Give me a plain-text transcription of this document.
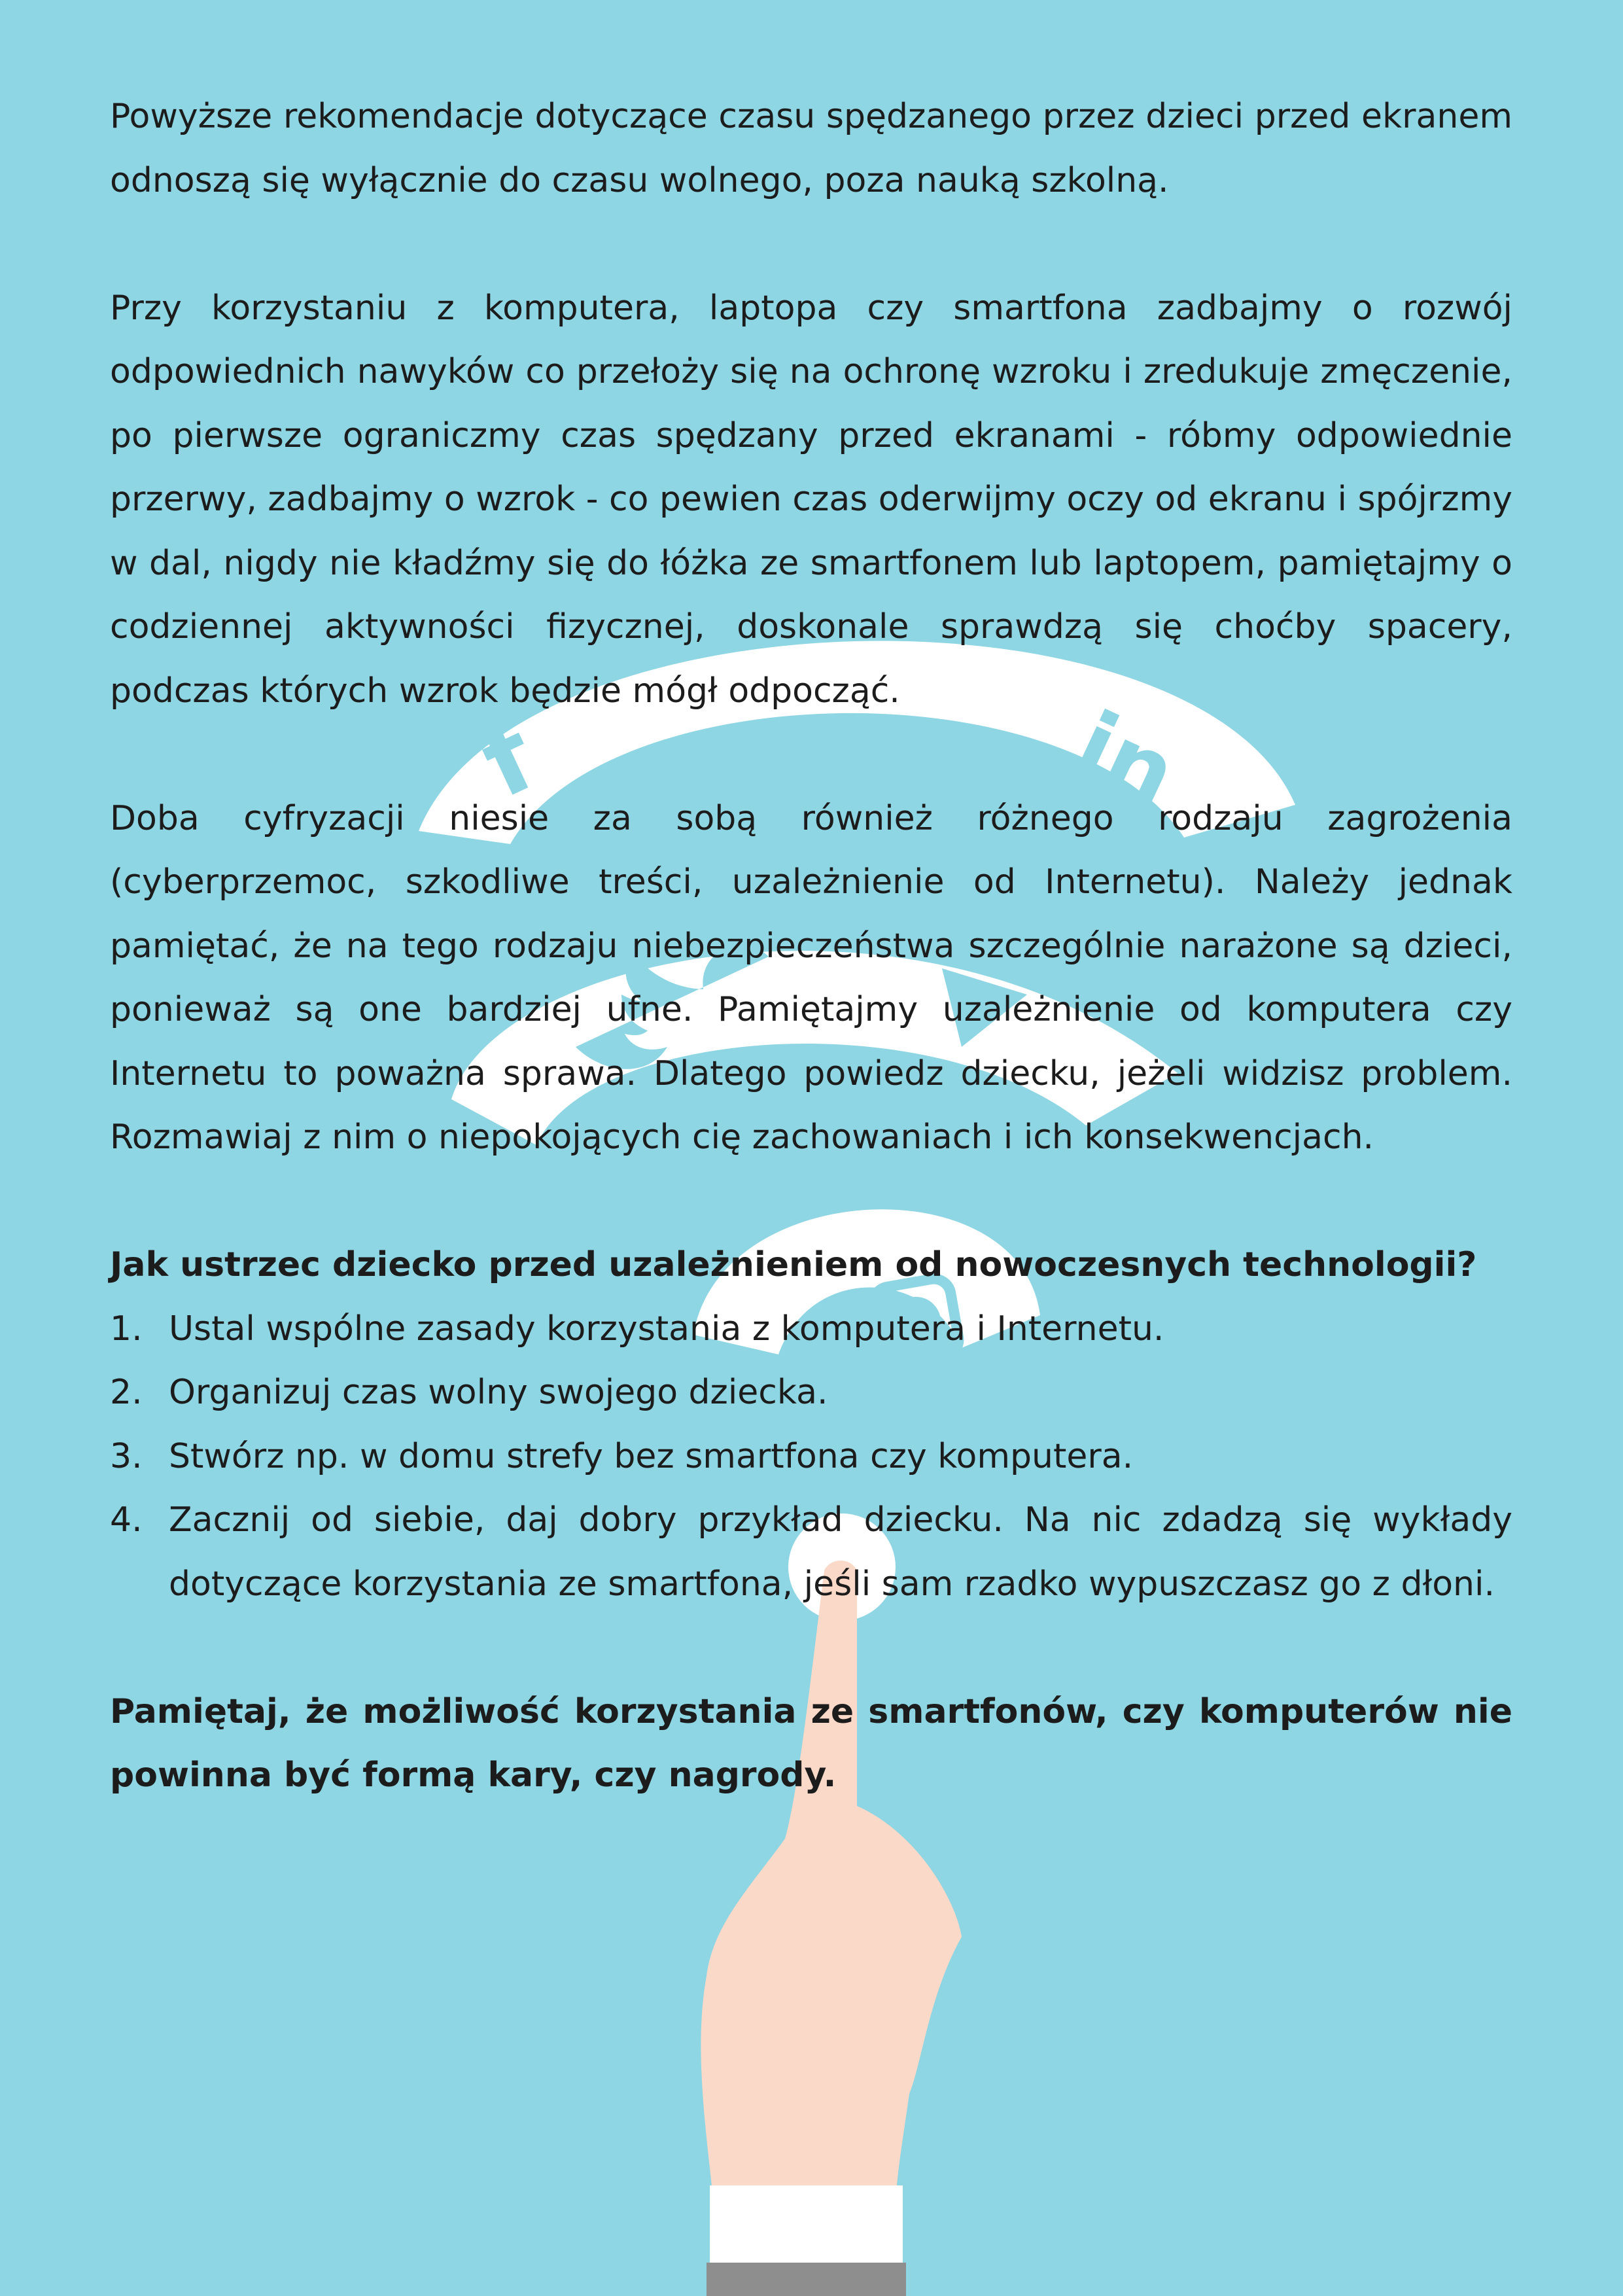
f	in

Powyższe rekomendacje dotyczące czasu spędzanego przez dzieci przed ekranem odnoszą się wyłącznie do czasu wolnego, poza nauką szkolną.

Przy korzystaniu z komputera, laptopa czy smartfona zadbajmy o rozwój odpowiednich nawyków co przełoży się na ochronę wzroku i zredukuje zmęczenie, po pierwsze ograniczmy czas spędzany przed ekranami - róbmy odpowiednie przerwy, zadbajmy o wzrok - co pewien czas oderwijmy oczy od ekranu i spójrzmy w dal, nigdy nie kładźmy się do łóżka ze smartfonem lub laptopem, pamiętajmy o codziennej aktywności fizycznej, doskonale sprawdzą się choćby spacery, podczas których wzrok będzie mógł odpocząć.

Doba cyfryzacji niesie za sobą również różnego rodzaju zagrożenia (cyberprzemoc, szkodliwe treści, uzależnienie od Internetu). Należy jednak pamiętać, że na tego rodzaju niebezpieczeństwa szczególnie narażone są dzieci, ponieważ są one bardziej ufne. Pamiętajmy uzależnienie od komputera czy Internetu to poważna sprawa. Dlatego powiedz dziecku, jeżeli widzisz problem. Rozmawiaj z nim o niepokojących cię zachowaniach i ich konsekwencjach.

Jak ustrzec dziecko przed uzależnieniem od nowoczesnych technologii?

1. Ustal wspólne zasady korzystania z komputera i Internetu.
2. Organizuj czas wolny swojego dziecka.
3. Stwórz np. w domu strefy bez smartfona czy komputera.
4. Zacznij od siebie, daj dobry przykład dziecku. Na nic zdadzą się wykłady dotyczące korzystania ze smartfona, jeśli sam rzadko wypuszczasz go z dłoni.

Pamiętaj, że możliwość korzystania ze smartfonów, czy komputerów nie powinna być formą kary, czy nagrody.
